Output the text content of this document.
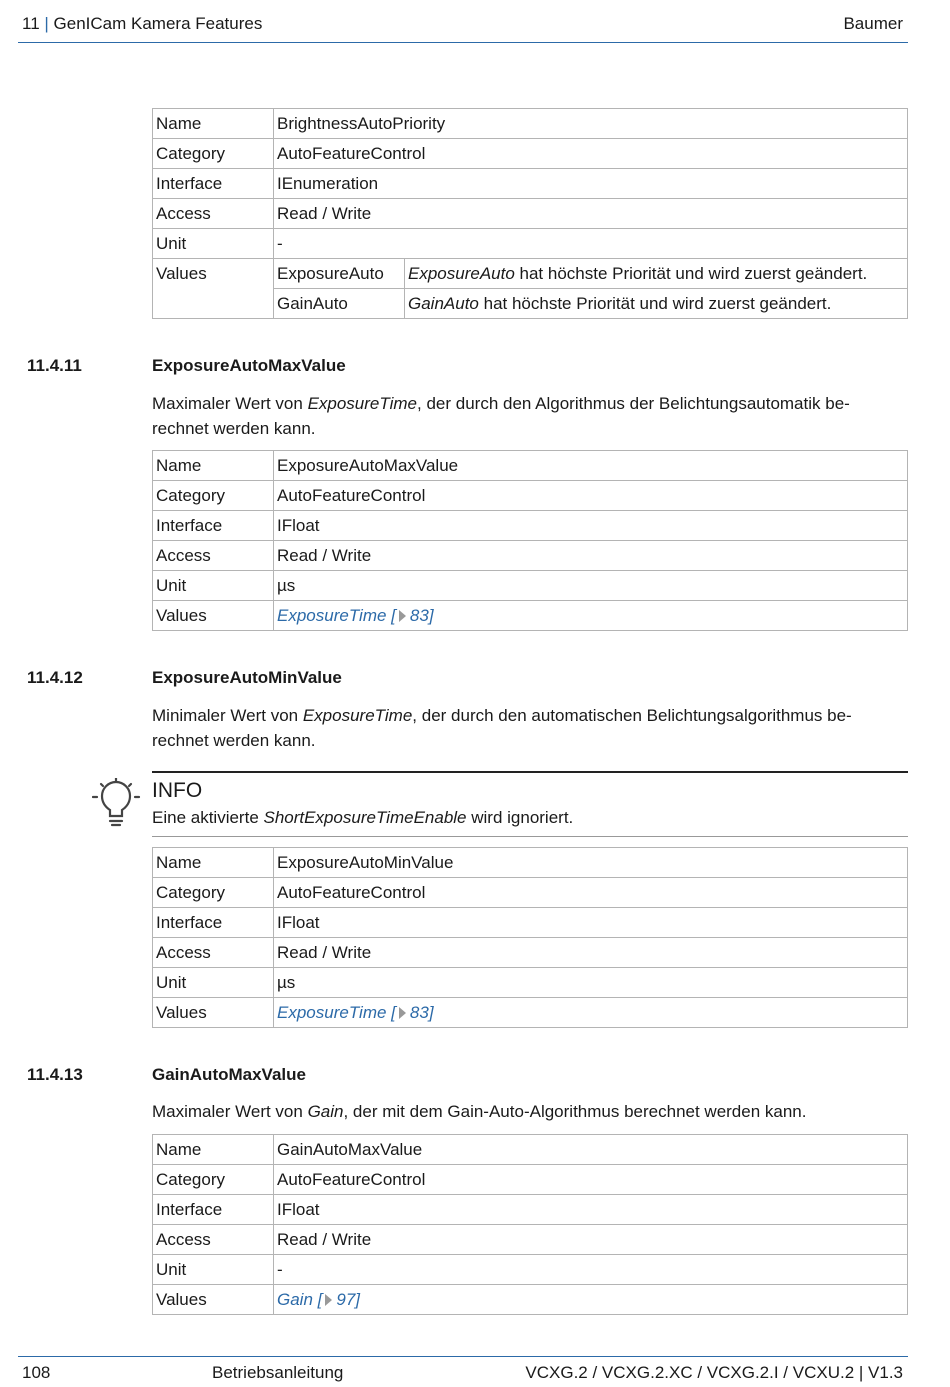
11 | GenICam Kamera Features	Baumer
Name	BrightnessAutoPriority	
Category	AutoFeatureControl	
Interface	IEnumeration	
Access	Read / Write	
Unit	-	
Values	ExposureAuto	ExposureAuto hat höchste Priorität und wird zuerst geändert.
	GainAuto	GainAuto hat höchste Priorität und wird zuerst geändert.
11.4.11	ExposureAutoMaxValue
Maximaler Wert von ExposureTime, der durch den Algorithmus der Belichtungsautomatik be-
rechnet werden kann.
Name	ExposureAutoMaxValue
Category	AutoFeatureControl
Interface	IFloat
Access	Read / Write
Unit	µs
Values	ExposureTime [ 83]
11.4.12	ExposureAutoMinValue
Minimaler Wert von ExposureTime, der durch den automatischen Belichtungsalgorithmus be-
rechnet werden kann.
INFO
Eine aktivierte ShortExposureTimeEnable wird ignoriert.
Name	ExposureAutoMinValue
Category	AutoFeatureControl
Interface	IFloat
Access	Read / Write
Unit	µs
Values	ExposureTime [ 83]
11.4.13	GainAutoMaxValue
Maximaler Wert von Gain, der mit dem Gain-Auto-Algorithmus berechnet werden kann.
Name	GainAutoMaxValue
Category	AutoFeatureControl
Interface	IFloat
Access	Read / Write
Unit	-
Values	Gain [ 97]
108	Betriebsanleitung	VCXG.2 / VCXG.2.XC / VCXG.2.I / VCXU.2 | V1.3
